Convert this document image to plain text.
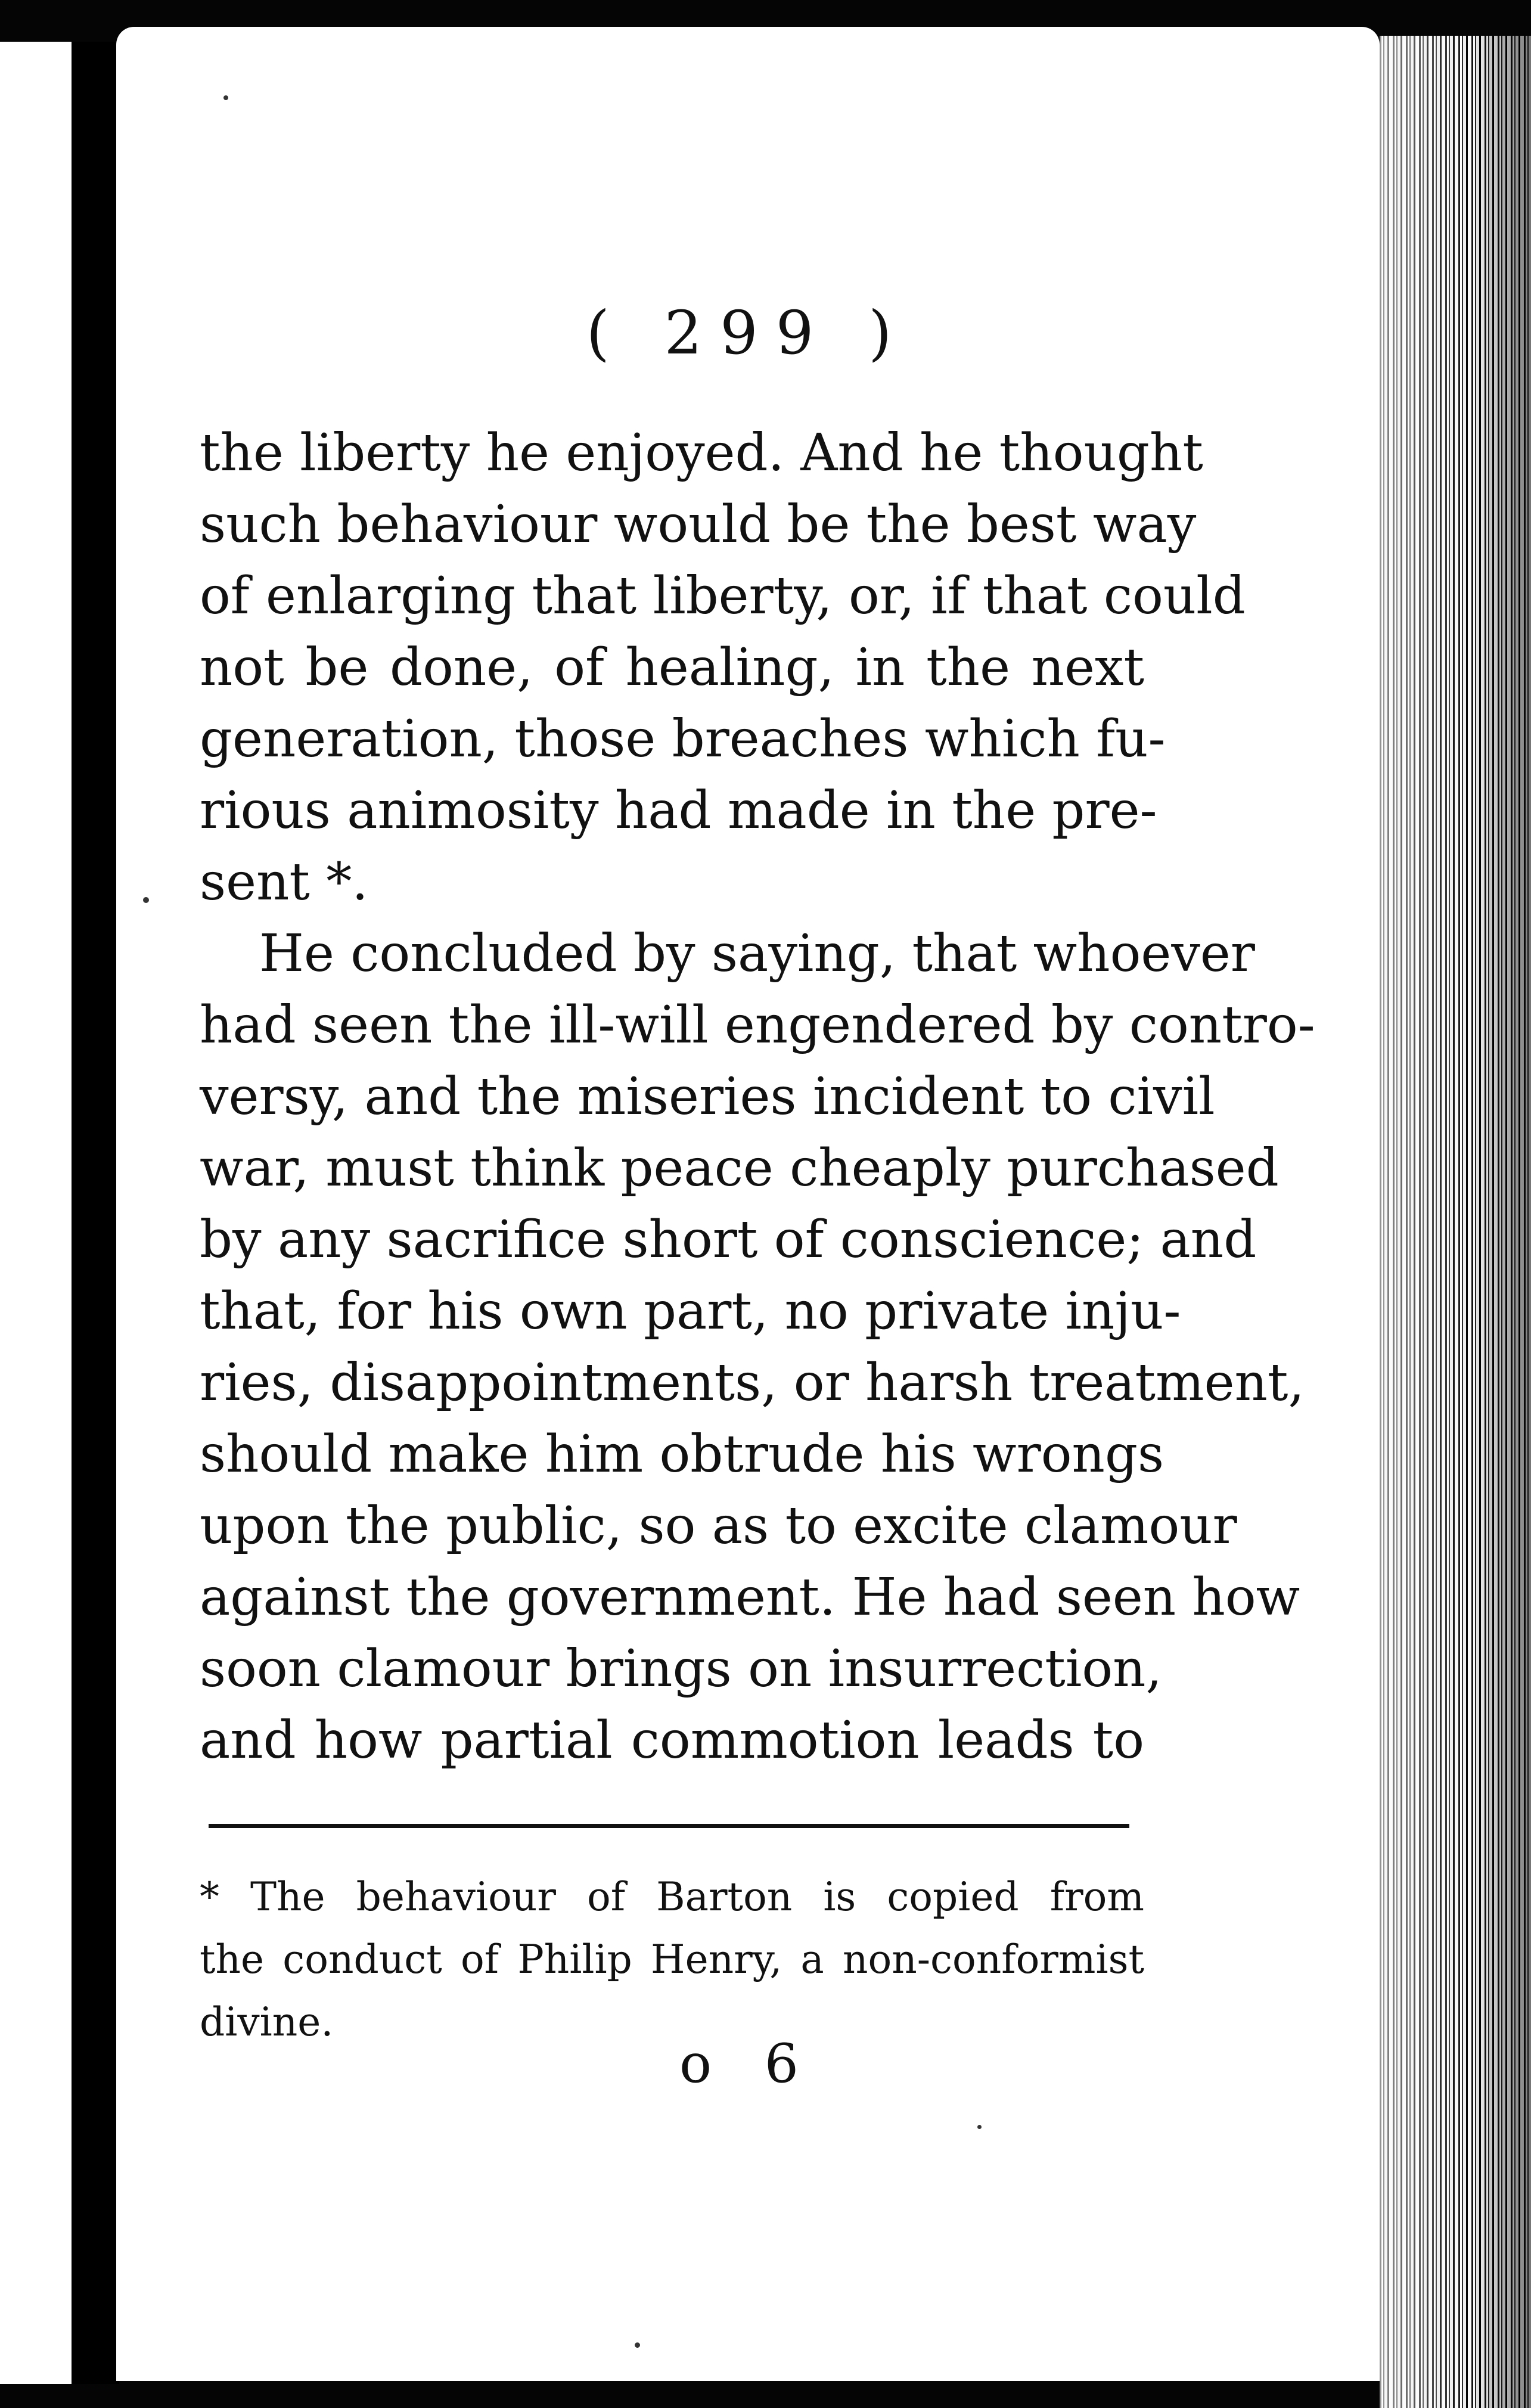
( 299 )

the liberty he enjoyed. And he thought
such behaviour would be the best way
of enlarging that liberty, or, if that could
not be done, of healing, in the next
generation, those breaches which fu-
rious animosity had made in the pre-
sent *.

He concluded by saying, that whoever
had seen the ill-will engendered by contro-
versy, and the miseries incident to civil
war, must think peace cheaply purchased
by any sacrifice short of conscience; and
that, for his own part, no private inju-
ries, disappointments, or harsh treatment,
should make him obtrude his wrongs
upon the public, so as to excite clamour
against the government. He had seen how
soon clamour brings on insurrection,
and how partial commotion leads to

* The behaviour of Barton is copied from
the conduct of Philip Henry, a non-conformist
divine.
o 6
